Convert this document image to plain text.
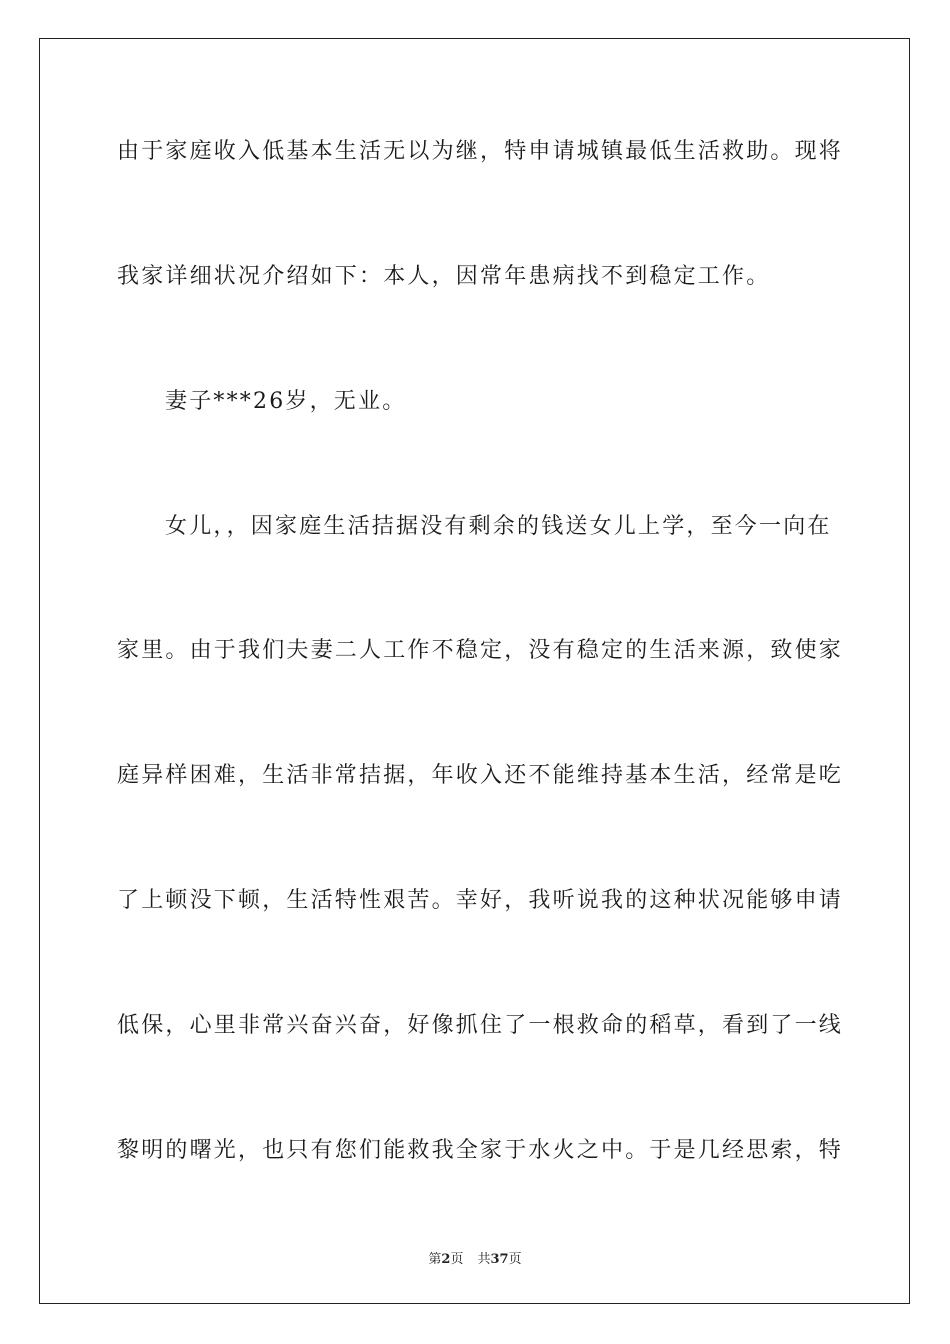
由于家庭收入低基本生活无以为继，特申请城镇最低生活救助。现将
我家详细状况介绍如下：本人，因常年患病找不到稳定工作。
妻子***26岁，无业。
女儿，，因家庭生活拮据没有剩余的钱送女儿上学，至今一向在
家里。由于我们夫妻二人工作不稳定，没有稳定的生活来源，致使家
庭异样困难，生活非常拮据，年收入还不能维持基本生活，经常是吃
了上顿没下顿，生活特性艰苦。幸好，我听说我的这种状况能够申请
低保，心里非常兴奋兴奋，好像抓住了一根救命的稻草，看到了一线
黎明的曙光，也只有您们能救我全家于水火之中。于是几经思索，特
第2页 共37页
